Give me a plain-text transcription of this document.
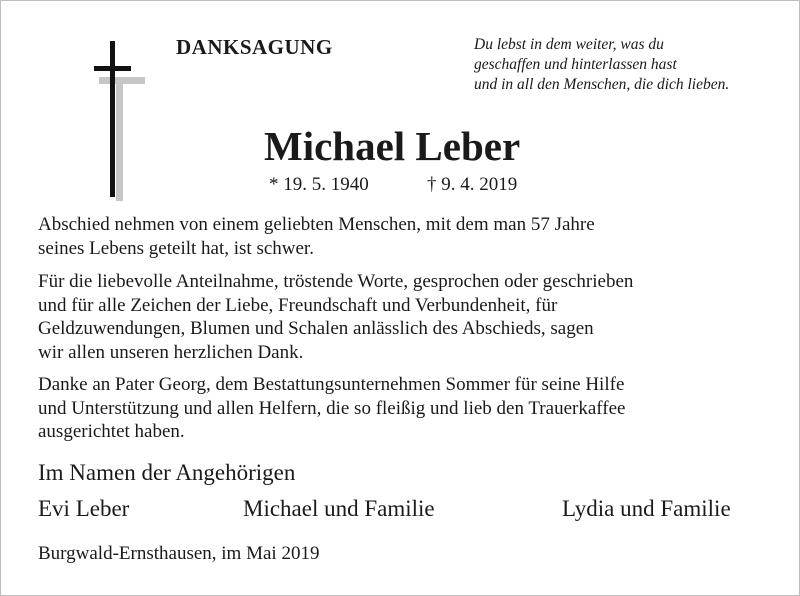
DANKSAGUNG	Du lebst in dem weiter, was du
geschaffen und hinterlassen hast
und in all den Menschen, die dich lieben.
Michael Leber
* 19. 5. 1940	† 9. 4. 2019
Abschied nehmen von einem geliebten Menschen, mit dem man 57 Jahre
seines Lebens geteilt hat, ist schwer.
Für die liebevolle Anteilnahme, tröstende Worte, gesprochen oder geschrieben
und für alle Zeichen der Liebe, Freundschaft und Verbundenheit, für
Geldzuwendungen, Blumen und Schalen anlässlich des Abschieds, sagen
wir allen unseren herzlichen Dank.
Danke an Pater Georg, dem Bestattungsunternehmen Sommer für seine Hilfe
und Unterstützung und allen Helfern, die so fleißig und lieb den Trauerkaffee
ausgerichtet haben.
Im Namen der Angehörigen
Evi Leber	Michael und Familie	Lydia und Familie
Burgwald-Ernsthausen, im Mai 2019
